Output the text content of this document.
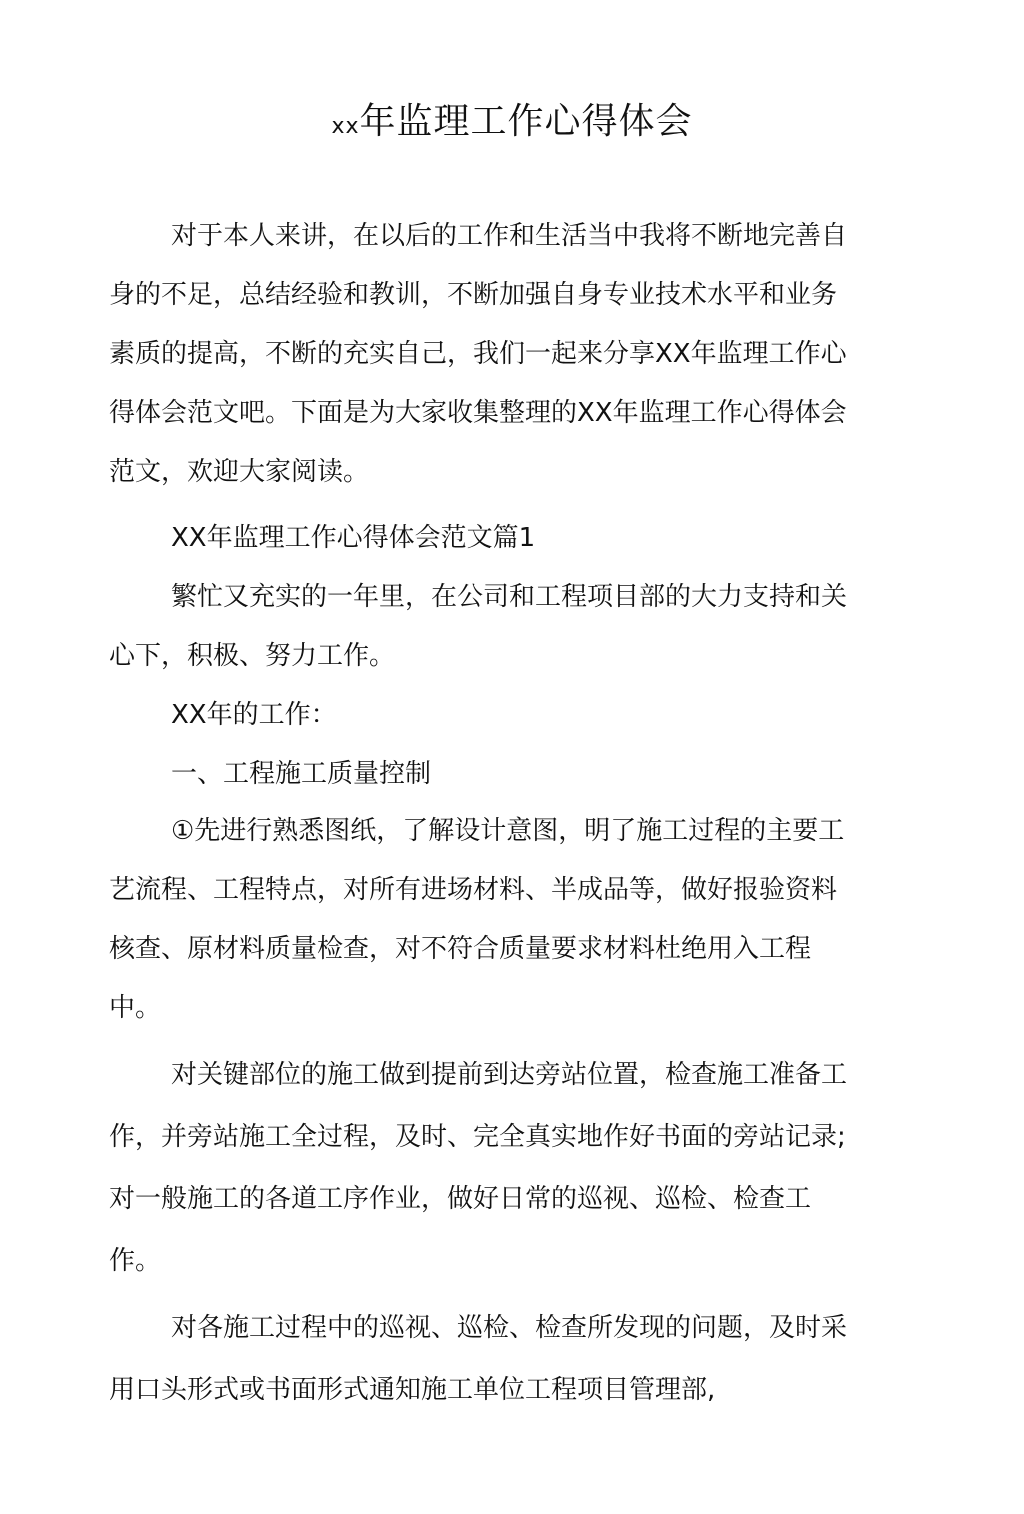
xx年监理工作心得体会

对于本人来讲，在以后的工作和生活当中我将不断地完善自身的不足，总结经验和教训，不断加强自身专业技术水平和业务素质的提高，不断的充实自己，我们一起来分享XX年监理工作心得体会范文吧。下面是为大家收集整理的XX年监理工作心得体会范文，欢迎大家阅读。

XX年监理工作心得体会范文篇1

繁忙又充实的一年里，在公司和工程项目部的大力支持和关心下，积极、努力工作。

XX年的工作：

一、工程施工质量控制

①先进行熟悉图纸，了解设计意图，明了施工过程的主要工艺流程、工程特点，对所有进场材料、半成品等，做好报验资料核查、原材料质量检查，对不符合质量要求材料杜绝用入工程中。

对关键部位的施工做到提前到达旁站位置，检查施工准备工作，并旁站施工全过程，及时、完全真实地作好书面的旁站记录;对一般施工的各道工序作业，做好日常的巡视、巡检、检查工作。

对各施工过程中的巡视、巡检、检查所发现的问题，及时采用口头形式或书面形式通知施工单位工程项目管理部,
